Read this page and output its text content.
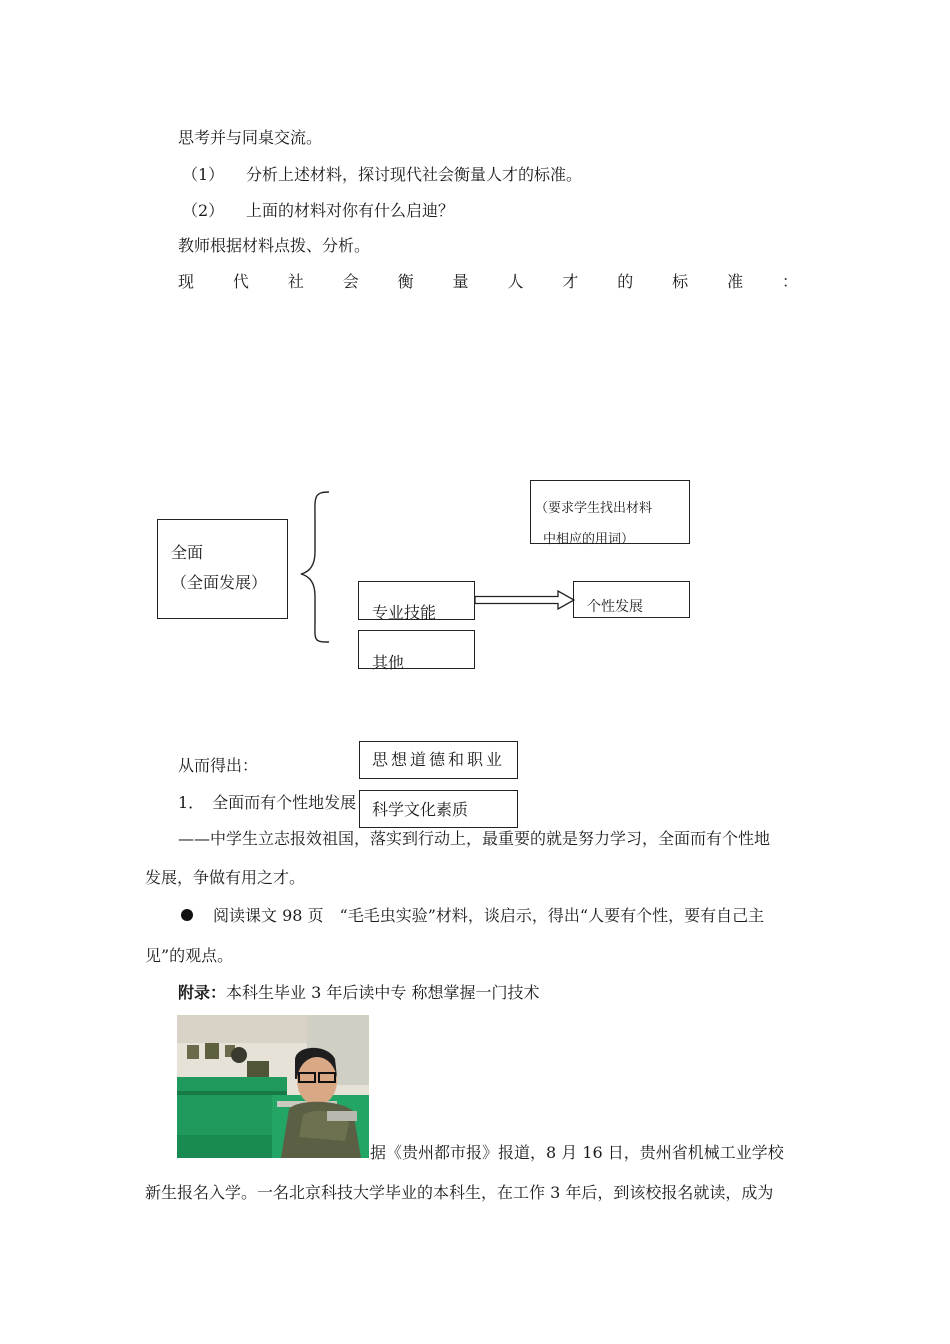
思考并与同桌交流。
（1） 分析上述材料，探讨现代社会衡量人才的标准。
（2） 上面的材料对你有什么启迪？
教师根据材料点拨、分析。
现 代 社 会 衡 量 人 才 的 标 准 ：
全面
（全面发展）
（要求学生找出材料
中相应的用词）
专业技能	个性发展
其他
思想道德和职业
科学文化素质
从而得出：
1．　全面而有个性地发展
——中学生立志报效祖国，落实到行动上，最重要的就是努力学习，全面而有个性地
发展，争做有用之才。
阅读课文 98 页　“毛毛虫实验”材料，谈启示，得出“人要有个性，要有自己主
见”的观点。
附录：本科生毕业 3 年后读中专 称想掌握一门技术
据《贵州都市报》报道，8 月 16 日，贵州省机械工业学校
新生报名入学。一名北京科技大学毕业的本科生，在工作 3 年后，到该校报名就读，成为
